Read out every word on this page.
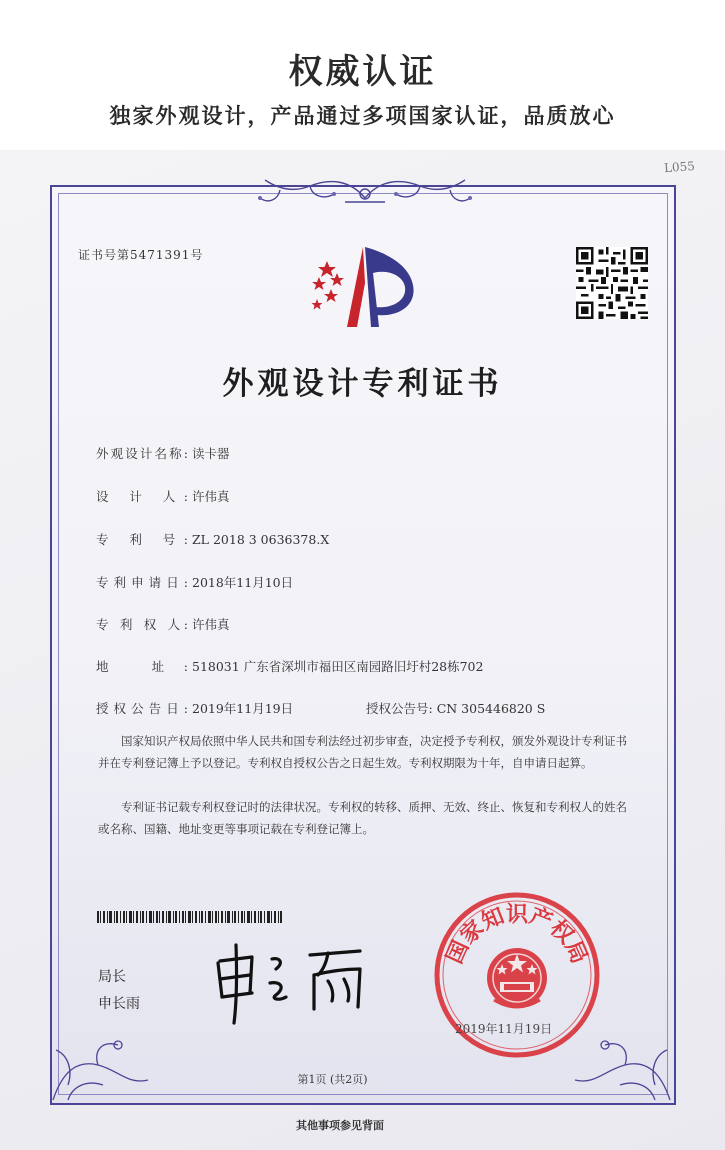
权威认证
独家外观设计，产品通过多项国家认证，品质放心
L055
证书号第5471391号
外观设计专利证书
外观设计名称: 读卡器
设 计 人: 许伟真
专 利 号: ZL 2018 3 0636378.X
专利申请日: 2018年11月10日
专 利 权 人: 许伟真
地 址: 518031 广东省深圳市福田区南园路旧圩村28栋702
授权公告日: 2019年11月19日	授权公告号: CN 305446820 S
国家知识产权局依照中华人民共和国专利法经过初步审查，决定授予专利权，颁发外观设计专利证书并在专利登记簿上予以登记。专利权自授权公告之日起生效。专利权期限为十年，自申请日起算。
专利证书记载专利权登记时的法律状况。专利权的转移、质押、无效、终止、恢复和专利权人的姓名或名称、国籍、地址变更等事项记载在专利登记簿上。
局长
申长雨
国家知识产权局
2019年11月19日
第1页 (共2页)
其他事项参见背面
